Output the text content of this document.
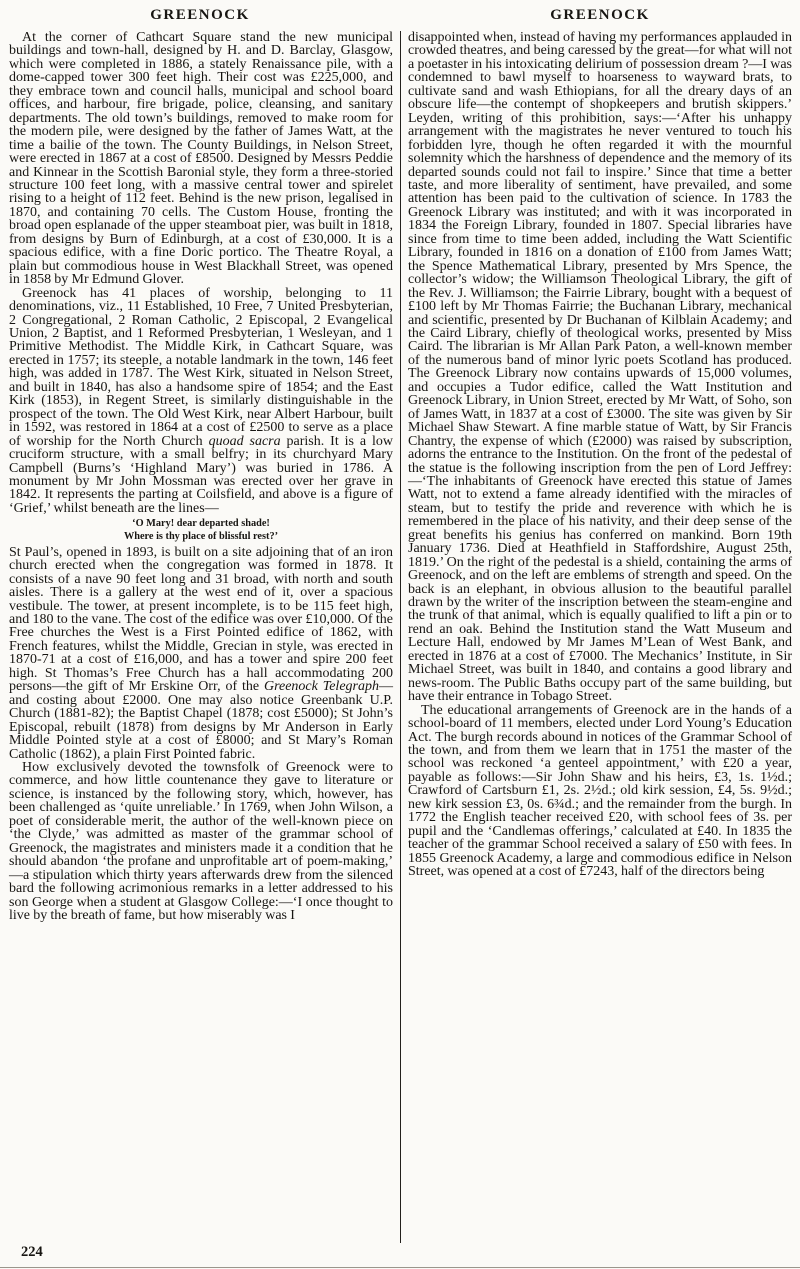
GREENOCK	GREENOCK

At the corner of Cathcart Square stand the new municipal buildings and town-hall, designed by H. and D. Barclay, Glasgow, which were completed in 1886, a stately Renaissance pile, with a dome-capped tower 300 feet high. Their cost was £225,000, and they embrace town and council halls, municipal and school board offices, and harbour, fire brigade, police, cleansing, and sanitary departments. The old town’s buildings, removed to make room for the modern pile, were designed by the father of James Watt, at the time a bailie of the town. The County Buildings, in Nelson Street, were erected in 1867 at a cost of £8500. Designed by Messrs Peddie and Kinnear in the Scottish Baronial style, they form a three-storied structure 100 feet long, with a massive central tower and spirelet rising to a height of 112 feet. Behind is the new prison, legalised in 1870, and containing 70 cells. The Custom House, fronting the broad open esplanade of the upper steamboat pier, was built in 1818, from designs by Burn of Edinburgh, at a cost of £30,000. It is a spacious edifice, with a fine Doric portico. The Theatre Royal, a plain but commodious house in West Blackhall Street, was opened in 1858 by Mr Edmund Glover.

Greenock has 41 places of worship, belonging to 11 denominations, viz., 11 Established, 10 Free, 7 United Presbyterian, 2 Congregational, 2 Roman Catholic, 2 Episcopal, 2 Evangelical Union, 2 Baptist, and 1 Reformed Presbyterian, 1 Wesleyan, and 1 Primitive Methodist. The Middle Kirk, in Cathcart Square, was erected in 1757; its steeple, a notable landmark in the town, 146 feet high, was added in 1787. The West Kirk, situated in Nelson Street, and built in 1840, has also a handsome spire of 1854; and the East Kirk (1853), in Regent Street, is similarly distinguishable in the prospect of the town. The Old West Kirk, near Albert Harbour, built in 1592, was restored in 1864 at a cost of £2500 to serve as a place of worship for the North Church quoad sacra parish. It is a low cruciform structure, with a small belfry; in its churchyard Mary Campbell (Burns’s ‘Highland Mary’) was buried in 1786. A monument by Mr John Mossman was erected over her grave in 1842. It represents the parting at Coilsfield, and above is a figure of ‘Grief,’ whilst beneath are the lines—

‘O Mary! dear departed shade!
Where is thy place of blissful rest?’

St Paul’s, opened in 1893, is built on a site adjoining that of an iron church erected when the congregation was formed in 1878. It consists of a nave 90 feet long and 31 broad, with north and south aisles. There is a gallery at the west end of it, over a spacious vestibule. The tower, at present incomplete, is to be 115 feet high, and 180 to the vane. The cost of the edifice was over £10,000. Of the Free churches the West is a First Pointed edifice of 1862, with French features, whilst the Middle, Grecian in style, was erected in 1870-71 at a cost of £16,000, and has a tower and spire 200 feet high. St Thomas’s Free Church has a hall accommodating 200 persons—the gift of Mr Erskine Orr, of the Greenock Telegraph—and costing about £2000. One may also notice Greenbank U.P. Church (1881-82); the Baptist Chapel (1878; cost £5000); St John’s Episcopal, rebuilt (1878) from designs by Mr Anderson in Early Middle Pointed style at a cost of £8000; and St Mary’s Roman Catholic (1862), a plain First Pointed fabric.

How exclusively devoted the townsfolk of Greenock were to commerce, and how little countenance they gave to literature or science, is instanced by the following story, which, however, has been challenged as ‘quite unreliable.’ In 1769, when John Wilson, a poet of considerable merit, the author of the well-known piece on ‘the Clyde,’ was admitted as master of the grammar school of Greenock, the magistrates and ministers made it a condition that he should abandon ‘the profane and unprofitable art of poem-making,’ —a stipulation which thirty years afterwards drew from the silenced bard the following acrimonious remarks in a letter addressed to his son George when a student at Glasgow College:—‘I once thought to live by the breath of fame, but how miserably was I

disappointed when, instead of having my performances applauded in crowded theatres, and being caressed by the great—for what will not a poetaster in his intoxicating delirium of possession dream ?—I was condemned to bawl myself to hoarseness to wayward brats, to cultivate sand and wash Ethiopians, for all the dreary days of an obscure life—the contempt of shopkeepers and brutish skippers.’ Leyden, writing of this prohibition, says:—‘After his unhappy arrangement with the magistrates he never ventured to touch his forbidden lyre, though he often regarded it with the mournful solemnity which the harshness of dependence and the memory of its departed sounds could not fail to inspire.’ Since that time a better taste, and more liberality of sentiment, have prevailed, and some attention has been paid to the cultivation of science. In 1783 the Greenock Library was instituted; and with it was incorporated in 1834 the Foreign Library, founded in 1807. Special libraries have since from time to time been added, including the Watt Scientific Library, founded in 1816 on a donation of £100 from James Watt; the Spence Mathematical Library, presented by Mrs Spence, the collector’s widow; the Williamson Theological Library, the gift of the Rev. J. Williamson; the Fairrie Library, bought with a bequest of £100 left by Mr Thomas Fairrie; the Buchanan Library, mechanical and scientific, presented by Dr Buchanan of Kilblain Academy; and the Caird Library, chiefly of theological works, presented by Miss Caird. The librarian is Mr Allan Park Paton, a well-known member of the numerous band of minor lyric poets Scotland has produced. The Greenock Library now contains upwards of 15,000 volumes, and occupies a Tudor edifice, called the Watt Institution and Greenock Library, in Union Street, erected by Mr Watt, of Soho, son of James Watt, in 1837 at a cost of £3000. The site was given by Sir Michael Shaw Stewart. A fine marble statue of Watt, by Sir Francis Chantry, the expense of which (£2000) was raised by subscription, adorns the entrance to the Institution. On the front of the pedestal of the statue is the following inscription from the pen of Lord Jeffrey:—‘The inhabitants of Greenock have erected this statue of James Watt, not to extend a fame already identified with the miracles of steam, but to testify the pride and reverence with which he is remembered in the place of his nativity, and their deep sense of the great benefits his genius has conferred on mankind. Born 19th January 1736. Died at Heathfield in Staffordshire, August 25th, 1819.’ On the right of the pedestal is a shield, containing the arms of Greenock, and on the left are emblems of strength and speed. On the back is an elephant, in obvious allusion to the beautiful parallel drawn by the writer of the inscription between the steam-engine and the trunk of that animal, which is equally qualified to lift a pin or to rend an oak. Behind the Institution stand the Watt Museum and Lecture Hall, endowed by Mr James M’Lean of West Bank, and erected in 1876 at a cost of £7000. The Mechanics’ Institute, in Sir Michael Street, was built in 1840, and contains a good library and news-room. The Public Baths occupy part of the same building, but have their entrance in Tobago Street.

The educational arrangements of Greenock are in the hands of a school-board of 11 members, elected under Lord Young’s Education Act. The burgh records abound in notices of the Grammar School of the town, and from them we learn that in 1751 the master of the school was reckoned ‘a genteel appointment,’ with £20 a year, payable as follows:—Sir John Shaw and his heirs, £3, 1s. 1½d.; Crawford of Cartsburn £1, 2s. 2½d.; old kirk session, £4, 5s. 9½d.; new kirk session £3, 0s. 6¾d.; and the remainder from the burgh. In 1772 the English teacher received £20, with school fees of 3s. per pupil and the ‘Candlemas offerings,’ calculated at £40. In 1835 the teacher of the grammar School received a salary of £50 with fees. In 1855 Greenock Academy, a large and commodious edifice in Nelson Street, was opened at a cost of £7243, half of the directors being

224
